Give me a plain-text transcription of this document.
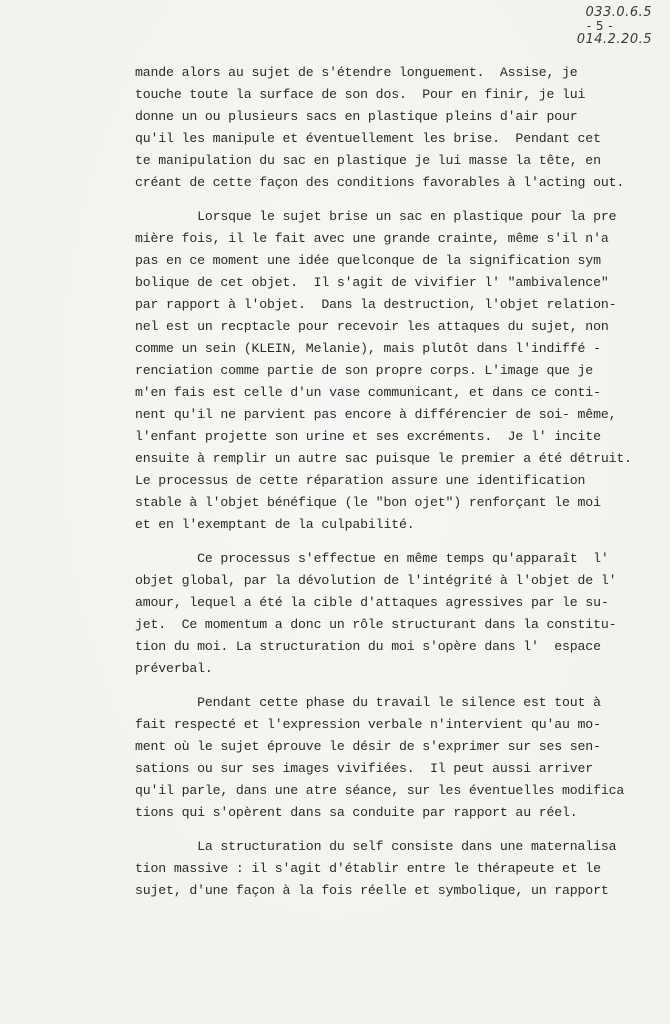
033.0.6.5
- 5 -
014.2.20.5
mande alors au sujet de s'étendre longuement.  Assise, je
touche toute la surface de son dos.  Pour en finir, je lui
donne un ou plusieurs sacs en plastique pleins d'air pour
qu'il les manipule et éventuellement les brise.  Pendant cet
te manipulation du sac en plastique je lui masse la tête, en
créant de cette façon des conditions favorables à l'acting out.
Lorsque le sujet brise un sac en plastique pour la pre
mière fois, il le fait avec une grande crainte, même s'il n'a
pas en ce moment une idée quelconque de la signification sym
bolique de cet objet.  Il s'agit de vivifier l' "ambivalence"
par rapport à l'objet.  Dans la destruction, l'objet relation-
nel est un recptacle pour recevoir les attaques du sujet, non
comme un sein (KLEIN, Melanie), mais plutôt dans l'indiffé -
renciation comme partie de son propre corps. L'image que je
m'en fais est celle d'un vase communicant, et dans ce conti-
nent qu'il ne parvient pas encore à différencier de soi- même,
l'enfant projette son urine et ses excréments.  Je l' incite
ensuite à remplir un autre sac puisque le premier a été détruit.
Le processus de cette réparation assure une identification
stable à l'objet bénéfique (le "bon ojet") renforçant le moi
et en l'exemptant de la culpabilité.
Ce processus s'effectue en même temps qu'apparaît  l'
objet global, par la dévolution de l'intégrité à l'objet de l'
amour, lequel a été la cible d'attaques agressives par le su-
jet.  Ce momentum a donc un rôle structurant dans la constitu-
tion du moi. La structuration du moi s'opère dans l'  espace
préverbal.
Pendant cette phase du travail le silence est tout à
fait respecté et l'expression verbale n'intervient qu'au mo-
ment où le sujet éprouve le désir de s'exprimer sur ses sen-
sations ou sur ses images vivifiées.  Il peut aussi arriver
qu'il parle, dans une atre séance, sur les éventuelles modifica
tions qui s'opèrent dans sa conduite par rapport au réel.
La structuration du self consiste dans une maternalisa
tion massive : il s'agit d'établir entre le thérapeute et le
sujet, d'une façon à la fois réelle et symbolique, un rapport
